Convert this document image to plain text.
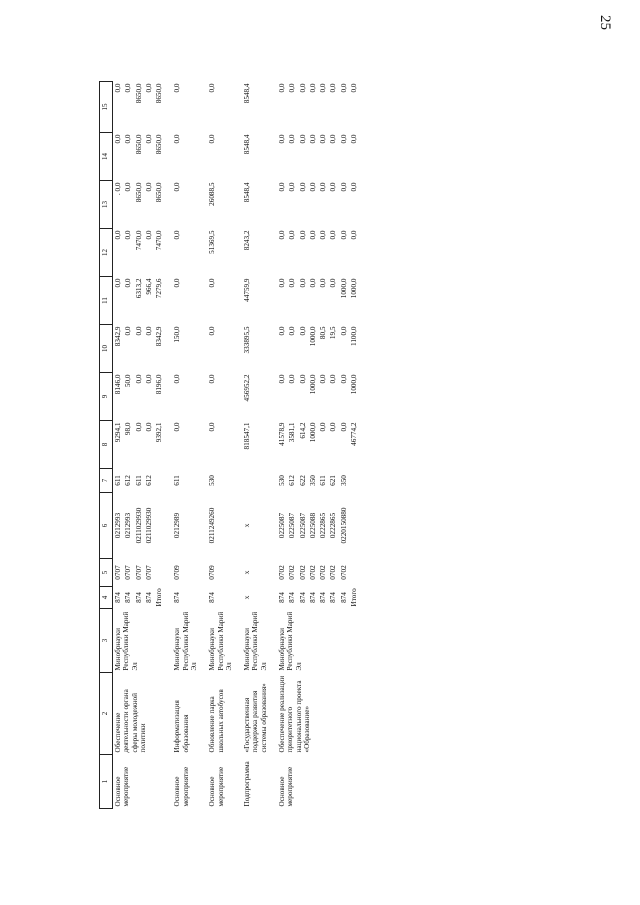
25
1	2	3	4	5	6	7	8	9	10	11	12	13	14	15
Основное мероприятие	Обеспечение деятельности органа сферы молодежной политики	Минобрнауки Республики Марий Эл	874	0707	0212993	611	9294,1	8146,0	8342,9	0,0	0,0	. 0,0	0,0	0,0
			874	0707	0212993	612	98,0	50,0	0,0	0,0	0,0	0,0	0,0	0,0
			874	0707	0211029930	611	0,0	0,0	0,0	6313,2	7470,0	8650,0	8650,0	8650,0
			874	0707	0211029930	612	0,0	0,0	0,0	966,4	0,0	0,0	0,0	0,0
			Итого				9392,1	8196,0	8342,9	7279,6	7470,0	8650,0	8650,0	8650,0

Основное мероприятие	Информатизация образования	Минобрнауки Республики Марий Эл	874	0709	0212989	611	0,0	0,0	150,0	0,0	0,0	0,0	0,0	0,0

Основное мероприятие	Обновление парка школьных автобусов	Минобрнауки Республики Марий Эл	874	0709	0211249260	530	0,0	0,0	0,0	0,0	51369,5	26088,5	0,0	0,0

Подпрограмма	«Государственная поддержка развития системы образования»	Минобрнауки Республики Марий Эл	x	x	x		818547,1	456952,2	333895,5	44759,9	8243,2	8548,4	8548,4	8548,4

Основное мероприятие	Обеспечение реализации приоритетного национального проекта «Образование»	Минобрнауки Республики Марий Эл	874	0702	0225087	530	41578,9	0,0	0,0	0,0	0,0	0,0	0,0	0,0
			874	0702	0225087	612	3581,1	0,0	0,0	0,0	0,0	0,0	0,0	0,0
			874	0702	0225087	622	614,2	0,0	0,0	0,0	0,0	0,0	0,0	0,0
			874	0702	0225088	350	1000,0	1000,0	1000,0	0,0	0,0	0,0	0,0	0,0
			874	0702	0222865	611	0,0	0,0	80,5	0,0	0,0	0,0	0,0	0,0
			874	0702	0222865	621	0,0	0,0	19,5	0,0	0,0	0,0	0,0	0,0
			874	0702	0220150880	350	0,0	0,0	0,0	1000,0	0,0	0,0	0,0	0,0
			Итого				46774,2	1000,0	1100,0	1000,0	0,0	0,0	0,0	0,0
